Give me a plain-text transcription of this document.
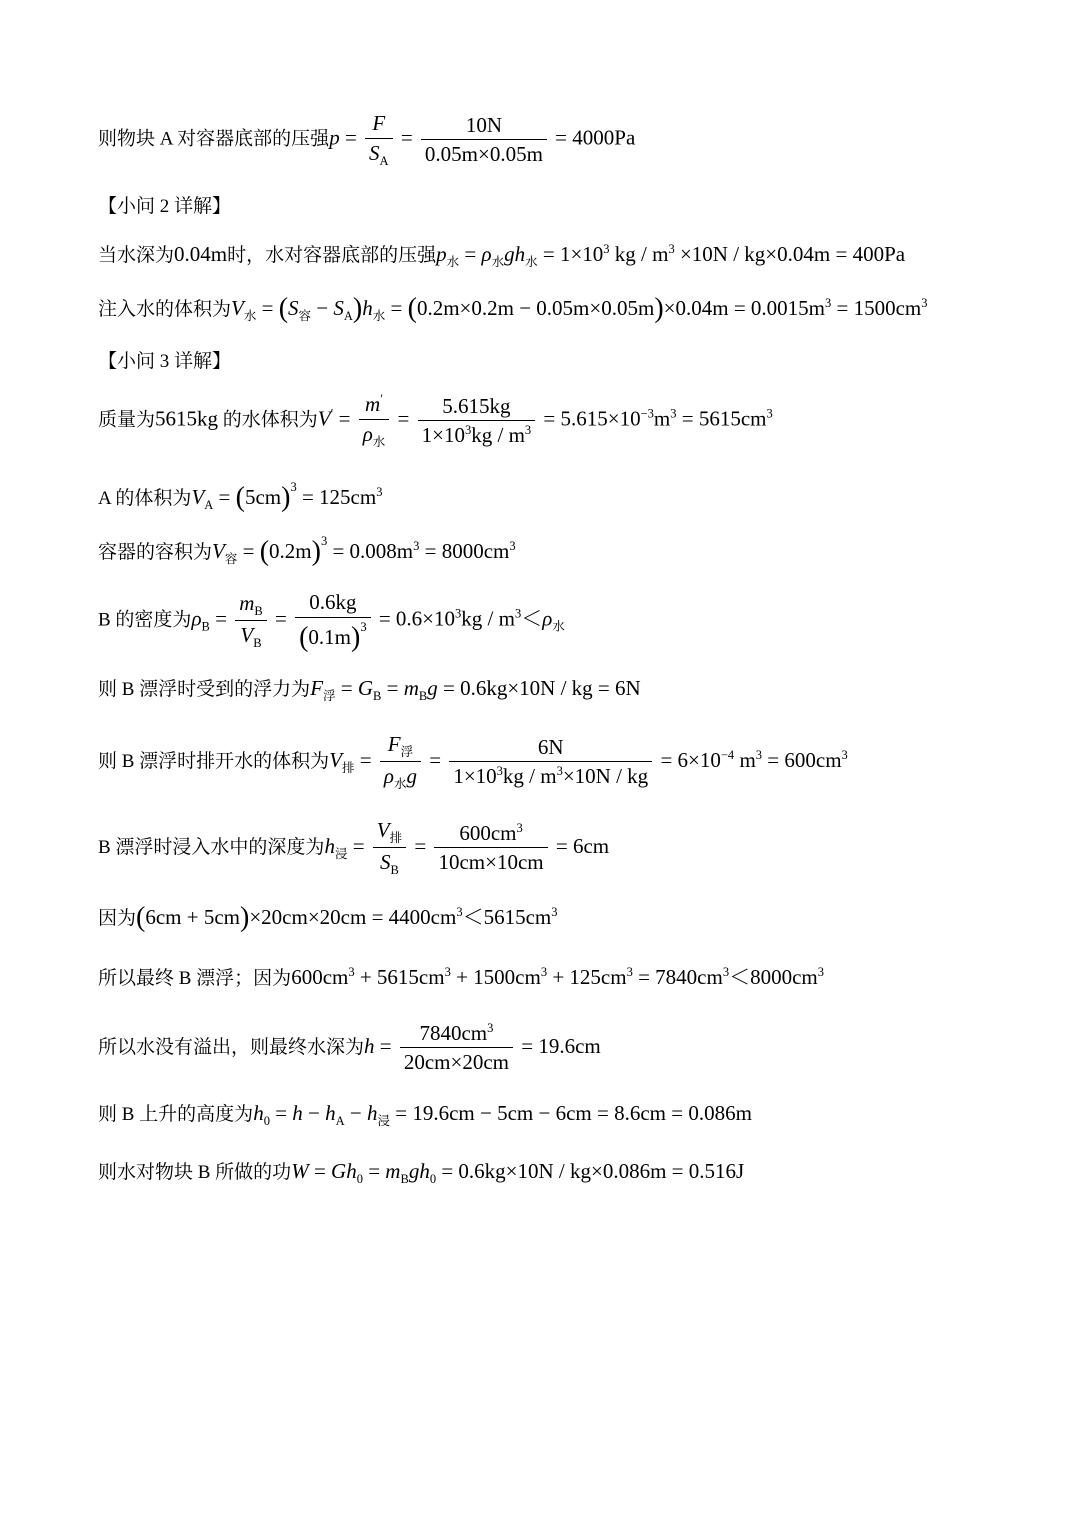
则物块 A 对容器底部的压强$p = \frac{F}{S_A} = \frac{10N}{0.05m\times 0.05m} = 4000Pa$
【小问 2 详解】
当水深为0.04m时，水对容器底部的压强$p_水 = \rho_水gh_水 = 1\times 10^3$ kg / $m^3 \times 10N / kg\times 0.04m = 400Pa$
注入水的体积为$V_水 = (S_容 - S_A)h_水 = (0.2m\times 0.2m - 0.05m\times 0.05m)\times 0.04m = 0.0015m^3 = 1500cm^3$
【小问 3 详解】
质量为5615kg 的水体积为$V' = \frac{m'}{\rho_水} = \frac{5.615kg}{1\times 10^3kg / m^3} = 5.615\times 10^{-3}m^3 = 5615cm^3$
A 的体积为$V_A = (5cm)^3 = 125cm^3$
容器的容积为$V_容 = (0.2m)^3 = 0.008m^3 = 8000cm^3$
B 的密度为$\rho_B = \frac{m_B}{V_B} = \frac{0.6kg}{(0.1m)^3} = 0.6\times 10^3kg / m^3<\rho_水$
则 B 漂浮时受到的浮力为$F_浮 = G_B = m_Bg = 0.6kg\times 10N$ / kg = 6N
则 B 漂浮时排开水的体积为$V_排 = \frac{F_浮}{\rho_水g} = \frac{6N}{1\times 10^3kg / m^3\times 10N / kg} = 6\times 10^{-4}$ $m^3 = 600cm^3$
B 漂浮时浸入水中的深度为$h_浸 = \frac{V_排}{S_B} = \frac{600cm^3}{10cm\times 10cm} = 6cm$
因为$(6cm + 5cm)\times 20cm\times 20cm = 4400cm^3<5615cm^3$
所以最终 B 漂浮；因为$600cm^3 + 5615cm^3 + 1500cm^3 + 125cm^3 = 7840cm^3<8000cm^3$
所以水没有溢出，则最终水深为$h = \frac{7840cm^3}{20cm\times 20cm} = 19.6cm$
则 B 上升的高度为$h_0 = h - h_A - h_浸 = 19.6cm - 5cm - 6cm = 8.6cm = 0.086m$
则水对物块 B 所做的功$W = Gh_0 = m_Bgh_0 = 0.6kg\times 10N / kg\times 0.086m = 0.516J$
